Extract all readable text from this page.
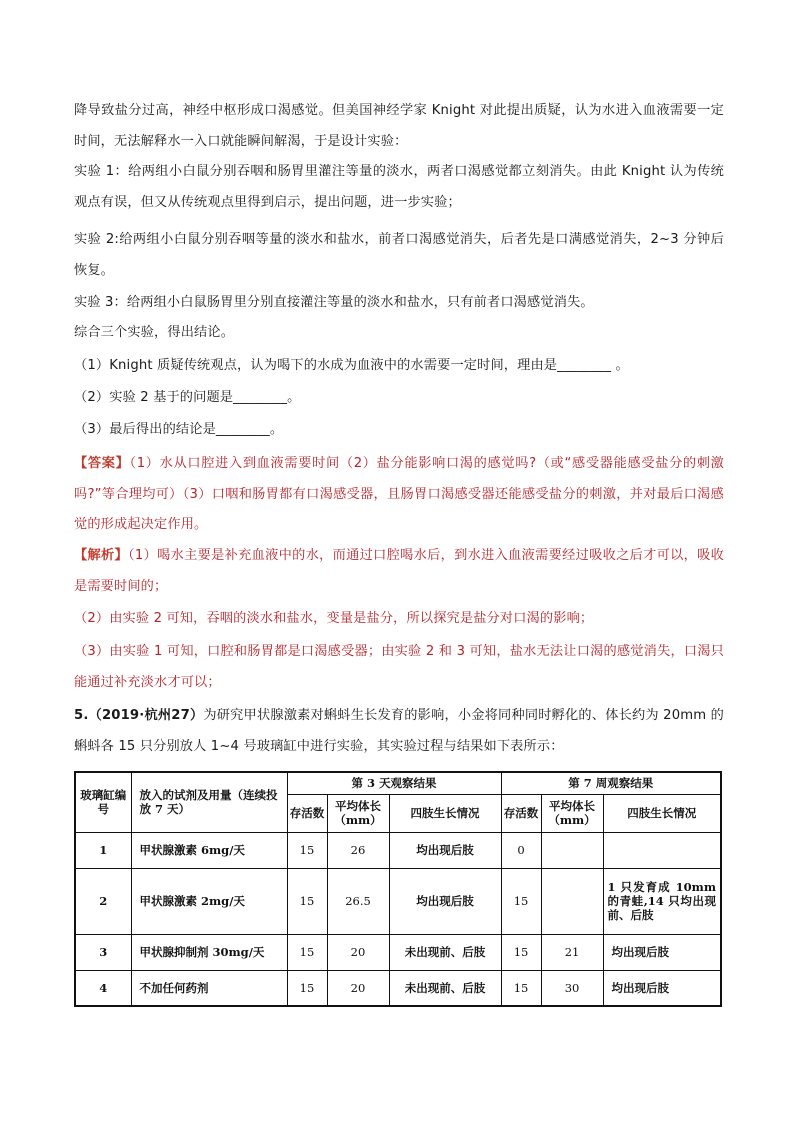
降导致盐分过高，神经中枢形成口渴感觉。但美国神经学家 Knight 对此提出质疑，认为水进入血液需要一定时间，无法解释水一入口就能瞬间解渴，于是设计实验：

实验 1：给两组小白鼠分别吞咽和肠胃里灌注等量的淡水，两者口渴感觉都立刻消失。由此 Knight 认为传统观点有误，但又从传统观点里得到启示，提出问题，进一步实验；

实验 2:给两组小白鼠分别吞咽等量的淡水和盐水，前者口渴感觉消失，后者先是口满感觉消失，2~3 分钟后恢复。

实验 3：给两组小白鼠肠胃里分别直接灌注等量的淡水和盐水，只有前者口渴感觉消失。

综合三个实验，得出结论。

（1）Knight 质疑传统观点，认为喝下的水成为血液中的水需要一定时间，理由是________ 。

（2）实验 2 基于的问题是________。

（3）最后得出的结论是________。

【答案】（1）水从口腔进入到血液需要时间（2）盐分能影响口渴的感觉吗?（或“感受器能感受盐分的刺激吗?”等合理均可）（3）口咽和肠胃都有口渴感受器，且肠胃口渴感受器还能感受盐分的刺激，并对最后口渴感觉的形成起决定作用。

【解析】（1）喝水主要是补充血液中的水，而通过口腔喝水后，到水进入血液需要经过吸收之后才可以，吸收是需要时间的；

（2）由实验 2 可知，吞咽的淡水和盐水，变量是盐分，所以探究是盐分对口渴的影响；

（3）由实验 1 可知，口腔和肠胃都是口渴感受器；由实验 2 和 3 可知，盐水无法让口渴的感觉消失，口渴只能通过补充淡水才可以；

5.（2019·杭州27）为研究甲状腺激素对蝌蚪生长发育的影响，小金将同种同时孵化的、体长约为 20mm 的蝌蚪各 15 只分别放人 1~4 号玻璃缸中进行实验，其实验过程与结果如下表所示：

玻璃缸编号	放入的试剂及用量（连续投放 7 天）	第 3 天观察结果			第 7 周观察结果		
		存活数	平均体长（mm）	四肢生长情况	存活数	平均体长（mm）	四肢生长情况
1	甲状腺激素 6mg/天	15	26	均出现后肢	0		
2	甲状腺激素 2mg/天	15	26.5	均出现后肢	15		1 只发育成 10mm 的青蛙,14 只均出现前、后肢
3	甲状腺抑制剂 30mg/天	15	20	未出现前、后肢	15	21	均出现后肢
4	不加任何药剂	15	20	未出现前、后肢	15	30	均出现后肢
